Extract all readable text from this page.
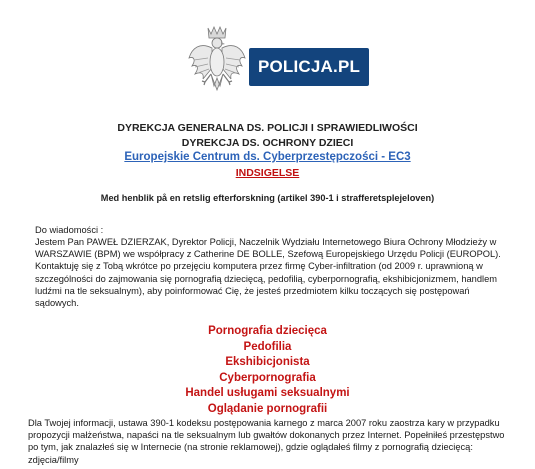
POLICJA.PL
DYREKCJA GENERALNA DS. POLICJI I SPRAWIEDLIWOŚCI
DYREKCJA DS. OCHRONY DZIECI
Europejskie Centrum ds. Cyberprzestępczości - EC3
INDSIGELSE
Med henblik på en retslig efterforskning (artikel 390-1 i strafferetsplejeloven)
Do wiadomości :
Jestem Pan PAWEŁ DZIERZAK, Dyrektor Policji, Naczelnik Wydziału Internetowego Biura Ochrony Młodzieży w WARSZAWIE (BPM) we współpracy z Catherine DE BOLLE, Szefową Europejskiego Urzędu Policji (EUROPOL). Kontaktuję się z Tobą wkrótce po przejęciu komputera przez firmę Cyber-infiltration (od 2009 r. uprawnioną w szczególności do zajmowania się pornografią dziecięcą, pedofilią, cyberpornografią, ekshibicjonizmem, handlem ludźmi na tle seksualnym), aby poinformować Cię, że jesteś przedmiotem kilku toczących się postępowań sądowych.
Pornografia dziecięca
Pedofilia
Ekshibicjonista
Cyberpornografia
Handel usługami seksualnymi
Oglądanie pornografii
Dla Twojej informacji, ustawa 390-1 kodeksu postępowania karnego z marca 2007 roku zaostrza kary w przypadku propozycji małżeństwa, napaści na tle seksualnym lub gwałtów dokonanych przez Internet. Popełniłeś przestępstwo po tym, jak znalazłeś się w Internecie (na stronie reklamowej), gdzie oglądałeś filmy z pornografią dziecięcą: zdjęcia/filmy
